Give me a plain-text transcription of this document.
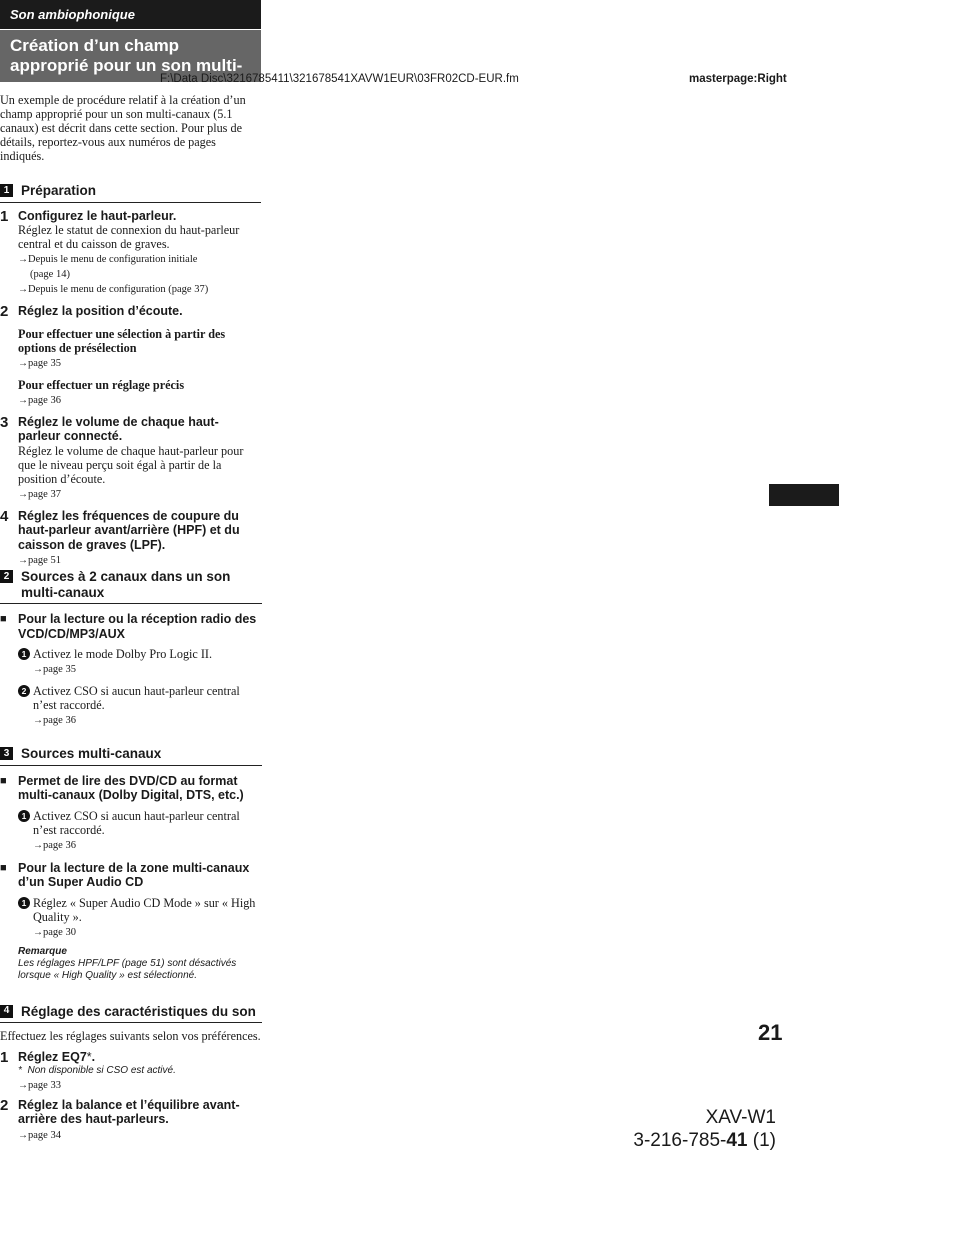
F:\Data Disc\3216785411\321678541XAVW1EUR\03FR02CD-EUR.fm	masterpage:Right
Son ambiophonique
Création d’un champ approprié pour un son multi-canaux
Un exemple de procédure relatif à la création d’un champ approprié pour un son multi-canaux (5.1 canaux) est décrit dans cette section. Pour plus de détails, reportez-vous aux numéros de pages indiqués.
1 Préparation
1 Configurez le haut-parleur.
Réglez le statut de connexion du haut-parleur central et du caisson de graves.
→Depuis le menu de configuration initiale
(page 14)
→Depuis le menu de configuration (page 37)
2 Réglez la position d’écoute.
Pour effectuer une sélection à partir des options de présélection
→page 35
Pour effectuer un réglage précis
→page 36
3 Réglez le volume de chaque haut-parleur connecté.
Réglez le volume de chaque haut-parleur pour que le niveau perçu soit égal à partir de la position d’écoute.
→page 37
4 Réglez les fréquences de coupure du haut-parleur avant/arrière (HPF) et du caisson de graves (LPF).
→page 51
2 Sources à 2 canaux dans un son multi-canaux
■ Pour la lecture ou la réception radio des VCD/CD/MP3/AUX
1 Activez le mode Dolby Pro Logic II.
→page 35
2 Activez CSO si aucun haut-parleur central n’est raccordé.
→page 36
3 Sources multi-canaux
■ Permet de lire des DVD/CD au format multi-canaux (Dolby Digital, DTS, etc.)
1 Activez CSO si aucun haut-parleur central n’est raccordé.
→page 36
■ Pour la lecture de la zone multi-canaux d’un Super Audio CD
1 Réglez « Super Audio CD Mode » sur « High Quality ».
→page 30
Remarque
Les réglages HPF/LPF (page 51) sont désactivés lorsque « High Quality » est sélectionné.
4 Réglage des caractéristiques du son
Effectuez les réglages suivants selon vos préférences.
1 Réglez EQ7*.
* Non disponible si CSO est activé.
→page 33
2 Réglez la balance et l’équilibre avant-arrière des haut-parleurs.
→page 34
21
XAV-W1
3-216-785-41 (1)
